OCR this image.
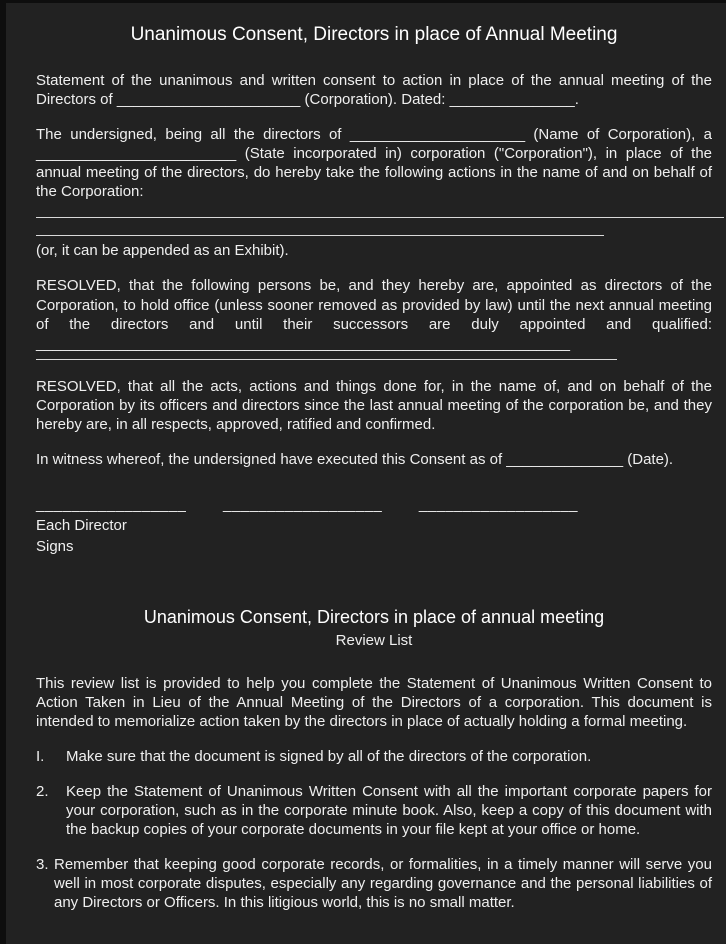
Unanimous Consent, Directors in place of Annual Meeting

Statement of the unanimous and written consent to action in place of the annual meeting of the Directors of ______________________ (Corporation). Dated: _______________.

The undersigned, being all the directors of _____________________ (Name of Corporation), a ________________________ (State incorporated in) corporation ("Corporation"), in place of the annual meeting of the directors, do hereby take the following actions in the name of and on behalf of the Corporation:

(or, it can be appended as an Exhibit).

RESOLVED, that the following persons be, and they hereby are, appointed as directors of the Corporation, to hold office (unless sooner removed as provided by law) until the next annual meeting of the directors and until their successors are duly appointed and qualified: ________________________________________________________________

RESOLVED, that all the acts, actions and things done for, in the name of, and on behalf of the Corporation by its officers and directors since the last annual meeting of the corporation be, and they hereby are, in all respects, approved, ratified and confirmed.

In witness whereof, the undersigned have executed this Consent as of ______________ (Date).

_________________ __________________ __________________
Each Director
Signs
Unanimous Consent, Directors in place of annual meeting
Review List

This review list is provided to help you complete the Statement of Unanimous Written Consent to Action Taken in Lieu of the Annual Meeting of the Directors of a corporation. This document is intended to memorialize action taken by the directors in place of actually holding a formal meeting.

I.	Make sure that the document is signed by all of the directors of the corporation.
2.	Keep the Statement of Unanimous Written Consent with all the important corporate papers for your corporation, such as in the corporate minute book. Also, keep a copy of this document with the backup copies of your corporate documents in your file kept at your office or home.
3. Remember that keeping good corporate records, or formalities, in a timely manner will serve you well in most corporate disputes, especially any regarding governance and the personal liabilities of any Directors or Officers. In this litigious world, this is no small matter.
